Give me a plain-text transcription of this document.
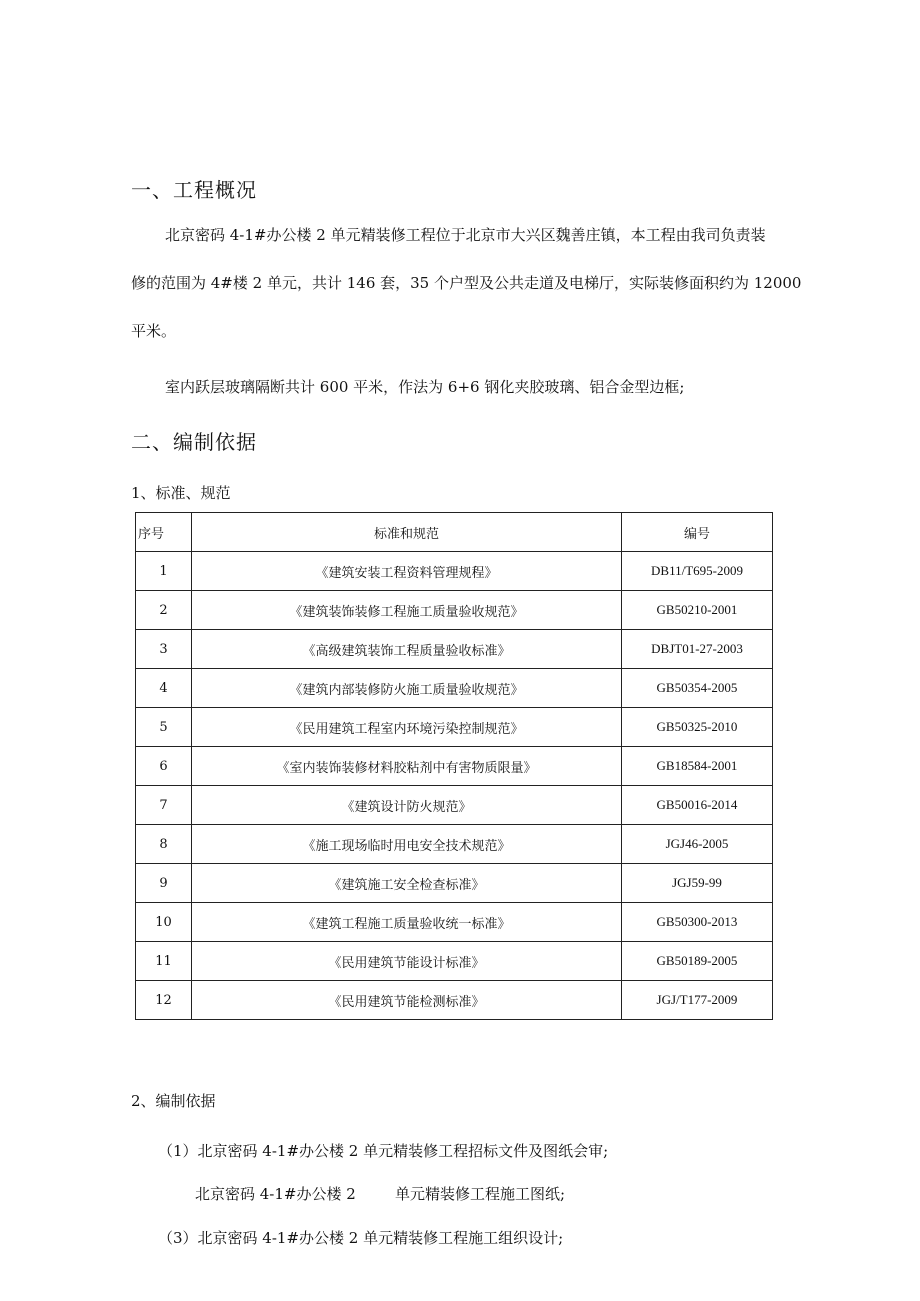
一、工程概况
北京密码 4-1#办公楼 2 单元精装修工程位于北京市大兴区魏善庄镇，本工程由我司负责装
修的范围为 4#楼 2 单元，共计 146 套，35 个户型及公共走道及电梯厅，实际装修面积约为 12000
平米。
室内跃层玻璃隔断共计 600 平米，作法为 6+6 钢化夹胶玻璃、铝合金型边框;
二、编制依据
1、标准、规范
序号	标准和规范	编号
1	《建筑安装工程资料管理规程》	DB11/T695-2009
2	《建筑装饰装修工程施工质量验收规范》	GB50210-2001
3	《高级建筑装饰工程质量验收标准》	DBJT01-27-2003
4	《建筑内部装修防火施工质量验收规范》	GB50354-2005
5	《民用建筑工程室内环境污染控制规范》	GB50325-2010
6	《室内装饰装修材料胶粘剂中有害物质限量》	GB18584-2001
7	《建筑设计防火规范》	GB50016-2014
8	《施工现场临时用电安全技术规范》	JGJ46-2005
9	《建筑施工安全检查标准》	JGJ59-99
10	《建筑工程施工质量验收统一标准》	GB50300-2013
11	《民用建筑节能设计标准》	GB50189-2005
12	《民用建筑节能检测标准》	JGJ/T177-2009
2、编制依据
（1）北京密码 4-1#办公楼 2 单元精装修工程招标文件及图纸会审;
北京密码 4-1#办公楼 2	单元精装修工程施工图纸;
（3）北京密码 4-1#办公楼 2 单元精装修工程施工组织设计;
